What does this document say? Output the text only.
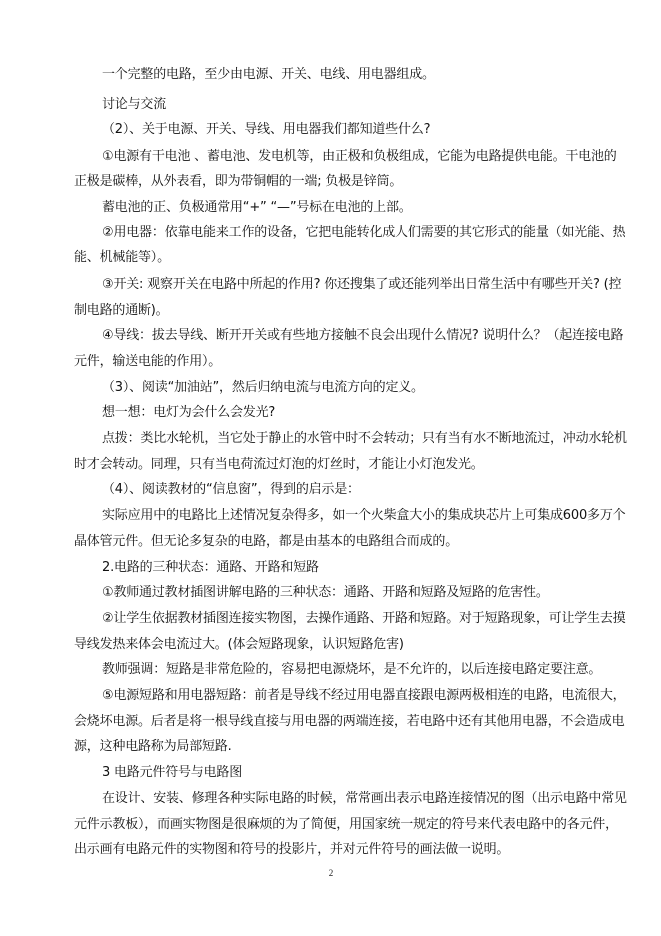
一个完整的电路，至少由电源、开关、电线、用电器组成。
讨论与交流
（2）、关于电源、开关、导线、用电器我们都知道些什么?
①电源有干电池 、蓄电池、发电机等，由正极和负极组成，它能为电路提供电能。干电池的
正极是碳棒，从外表看，即为带铜帽的一端; 负极是锌筒。
蓄电池的正、负极通常用“+” “—”号标在电池的上部。
②用电器：依靠电能来工作的设备，它把电能转化成人们需要的其它形式的能量（如光能、热
能、机械能等）。
③开关: 观察开关在电路中所起的作用? 你还搜集了或还能列举出日常生活中有哪些开关? (控
制电路的通断)。
④导线：拔去导线、断开开关或有些地方接触不良会出现什么情况? 说明什么？（起连接电路
元件，输送电能的作用）。
（3）、阅读“加油站”，然后归纳电流与电流方向的定义。
想一想：电灯为会什么会发光?
点拨：类比水轮机，当它处于静止的水管中时不会转动；只有当有水不断地流过，冲动水轮机
时才会转动。同理，只有当电荷流过灯泡的灯丝时，才能让小灯泡发光。
（4）、阅读教材的“信息窗”，得到的启示是：
实际应用中的电路比上述情况复杂得多，如一个火柴盒大小的集成块芯片上可集成600多万个
晶体管元件。但无论多复杂的电路，都是由基本的电路组合而成的。
2.电路的三种状态：通路、开路和短路
①教师通过教材插图讲解电路的三种状态：通路、开路和短路及短路的危害性。
②让学生依据教材插图连接实物图，去操作通路、开路和短路。对于短路现象，可让学生去摸
导线发热来体会电流过大。(体会短路现象，认识短路危害)
教师强调：短路是非常危险的，容易把电源烧坏，是不允许的，以后连接电路定要注意。
⑤电源短路和用电器短路：前者是导线不经过用电器直接跟电源两极相连的电路，电流很大，
会烧坏电源。后者是将一根导线直接与用电器的两端连接，若电路中还有其他用电器，不会造成电
源，这种电路称为局部短路.
3 电路元件符号与电路图
在设计、安装、修理各种实际电路的时候，常常画出表示电路连接情况的图（出示电路中常见
元件示教板），而画实物图是很麻烦的为了简便，用国家统一规定的符号来代表电路中的各元件，
出示画有电路元件的实物图和符号的投影片，并对元件符号的画法做一说明。
2
